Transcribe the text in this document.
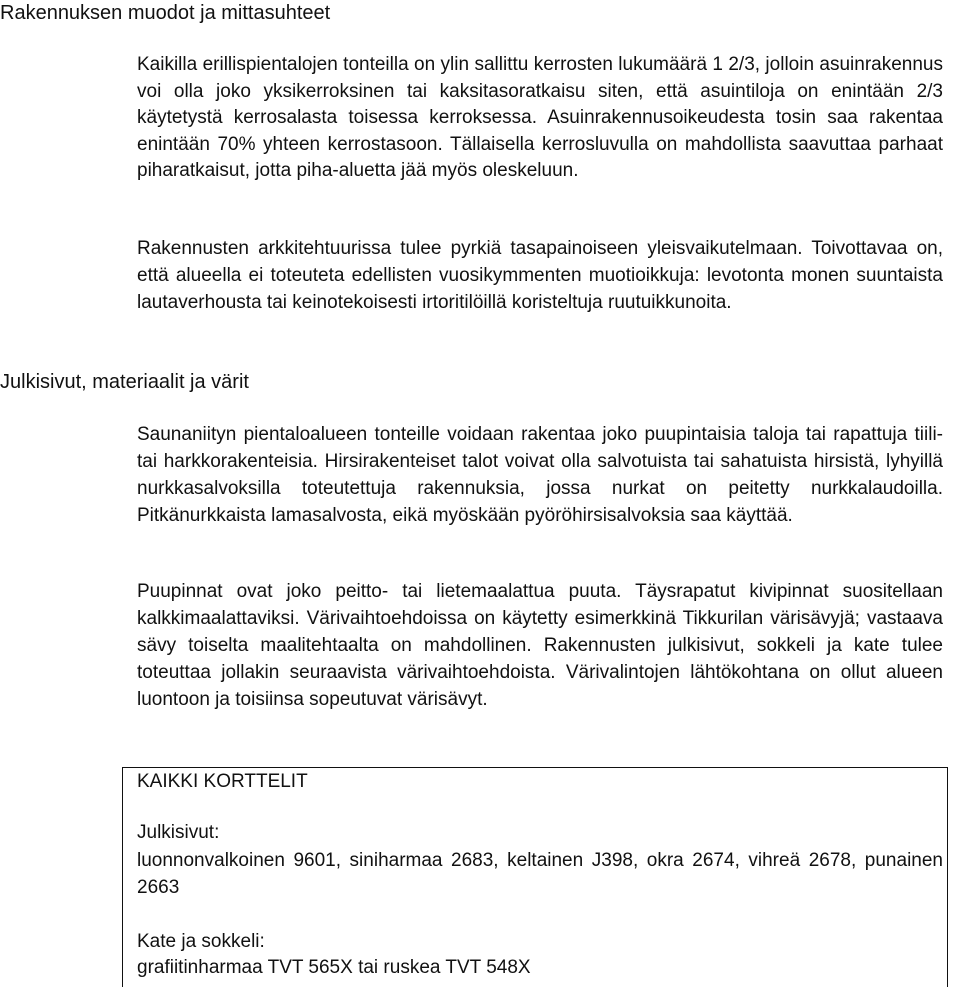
Rakennuksen muodot ja mittasuhteet

Kaikilla erillispientalojen tonteilla on ylin sallittu kerrosten lukumäärä 1 2/3, jolloin asuinrakennus voi olla joko yksikerroksinen tai kaksitasoratkaisu siten, että asuintiloja on enintään 2/3 käytetystä kerrosalasta toisessa kerroksessa. Asuinrakennusoikeudesta tosin saa rakentaa enintään 70% yhteen kerrostasoon. Tällaisella kerrosluvulla on mahdollista saavuttaa parhaat piharatkaisut, jotta piha-aluetta jää myös oleskeluun.

Rakennusten arkkitehtuurissa tulee pyrkiä tasapainoiseen yleisvaikutelmaan. Toivottavaa on, että alueella ei toteuteta edellisten vuosikymmenten muotioikkuja: levotonta monen suuntaista lautaverhousta tai keinotekoisesti irtoritilöillä koristeltuja ruutuikkunoita.

Julkisivut, materiaalit ja värit

Saunaniityn pientaloalueen tonteille voidaan rakentaa joko puupintaisia taloja tai rapattuja tiili- tai harkkorakenteisia. Hirsirakenteiset talot voivat olla salvotuista tai sahatuista hirsistä, lyhyillä nurkkasalvoksilla toteutettuja rakennuksia, jossa nurkat on peitetty nurkkalaudoilla. Pitkänurkkaista lamasalvosta, eikä myöskään pyöröhirsisalvoksia saa käyttää.

Puupinnat ovat joko peitto- tai lietemaalattua puuta. Täysrapatut kivipinnat suositellaan kalkkimaalattaviksi. Värivaihtoehdoissa on käytetty esimerkkinä Tikkurilan värisävyjä; vastaava sävy toiselta maalitehtaalta on mahdollinen. Rakennusten julkisivut, sokkeli ja kate tulee toteuttaa jollakin seuraavista värivaihtoehdoista. Värivalintojen lähtökohtana on ollut alueen luontoon ja toisiinsa sopeutuvat värisävyt.

KAIKKI KORTTELIT

Julkisivut:

luonnonvalkoinen 9601, siniharmaa 2683, keltainen J398, okra 2674, vihreä 2678, punainen 2663

Kate ja sokkeli:

grafiitinharmaa TVT 565X tai ruskea TVT 548X
